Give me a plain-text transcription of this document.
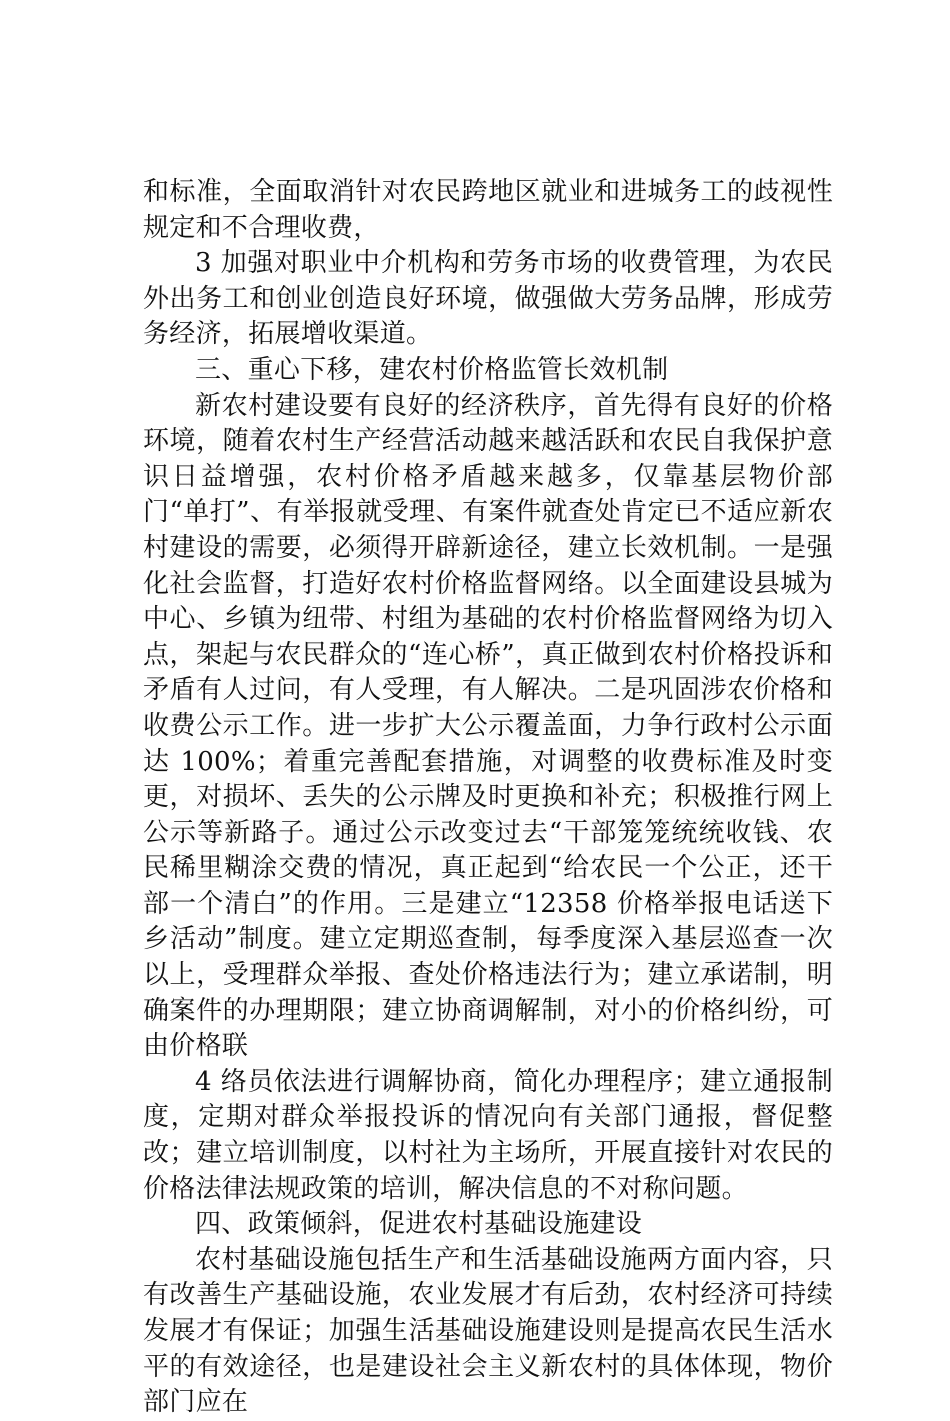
和标准，全面取消针对农民跨地区就业和进城务工的歧视性规定和不合理收费，

3 加强对职业中介机构和劳务市场的收费管理，为农民外出务工和创业创造良好环境，做强做大劳务品牌，形成劳务经济，拓展增收渠道。

三、重心下移，建农村价格监管长效机制

新农村建设要有良好的经济秩序，首先得有良好的价格环境，随着农村生产经营活动越来越活跃和农民自我保护意识日益增强，农村价格矛盾越来越多，仅靠基层物价部门“单打”、有举报就受理、有案件就查处肯定已不适应新农村建设的需要，必须得开辟新途径，建立长效机制。一是强化社会监督，打造好农村价格监督网络。以全面建设县城为中心、乡镇为纽带、村组为基础的农村价格监督网络为切入点，架起与农民群众的“连心桥”，真正做到农村价格投诉和矛盾有人过问，有人受理，有人解决。二是巩固涉农价格和收费公示工作。进一步扩大公示覆盖面，力争行政村公示面达 100%；着重完善配套措施，对调整的收费标准及时变更，对损坏、丢失的公示牌及时更换和补充；积极推行网上公示等新路子。通过公示改变过去“干部笼笼统统收钱、农民稀里糊涂交费的情况，真正起到“给农民一个公正，还干部一个清白”的作用。三是建立“12358 价格举报电话送下乡活动”制度。建立定期巡查制，每季度深入基层巡查一次以上，受理群众举报、查处价格违法行为；建立承诺制，明确案件的办理期限；建立协商调解制，对小的价格纠纷，可由价格联

4 络员依法进行调解协商，简化办理程序；建立通报制度，定期对群众举报投诉的情况向有关部门通报，督促整改；建立培训制度，以村社为主场所，开展直接针对农民的价格法律法规政策的培训，解决信息的不对称问题。

四、政策倾斜，促进农村基础设施建设

农村基础设施包括生产和生活基础设施两方面内容，只有改善生产基础设施，农业发展才有后劲，农村经济可持续发展才有保证；加强生活基础设施建设则是提高农民生活水平的有效途径，也是建设社会主义新农村的具体体现，物价部门应在
